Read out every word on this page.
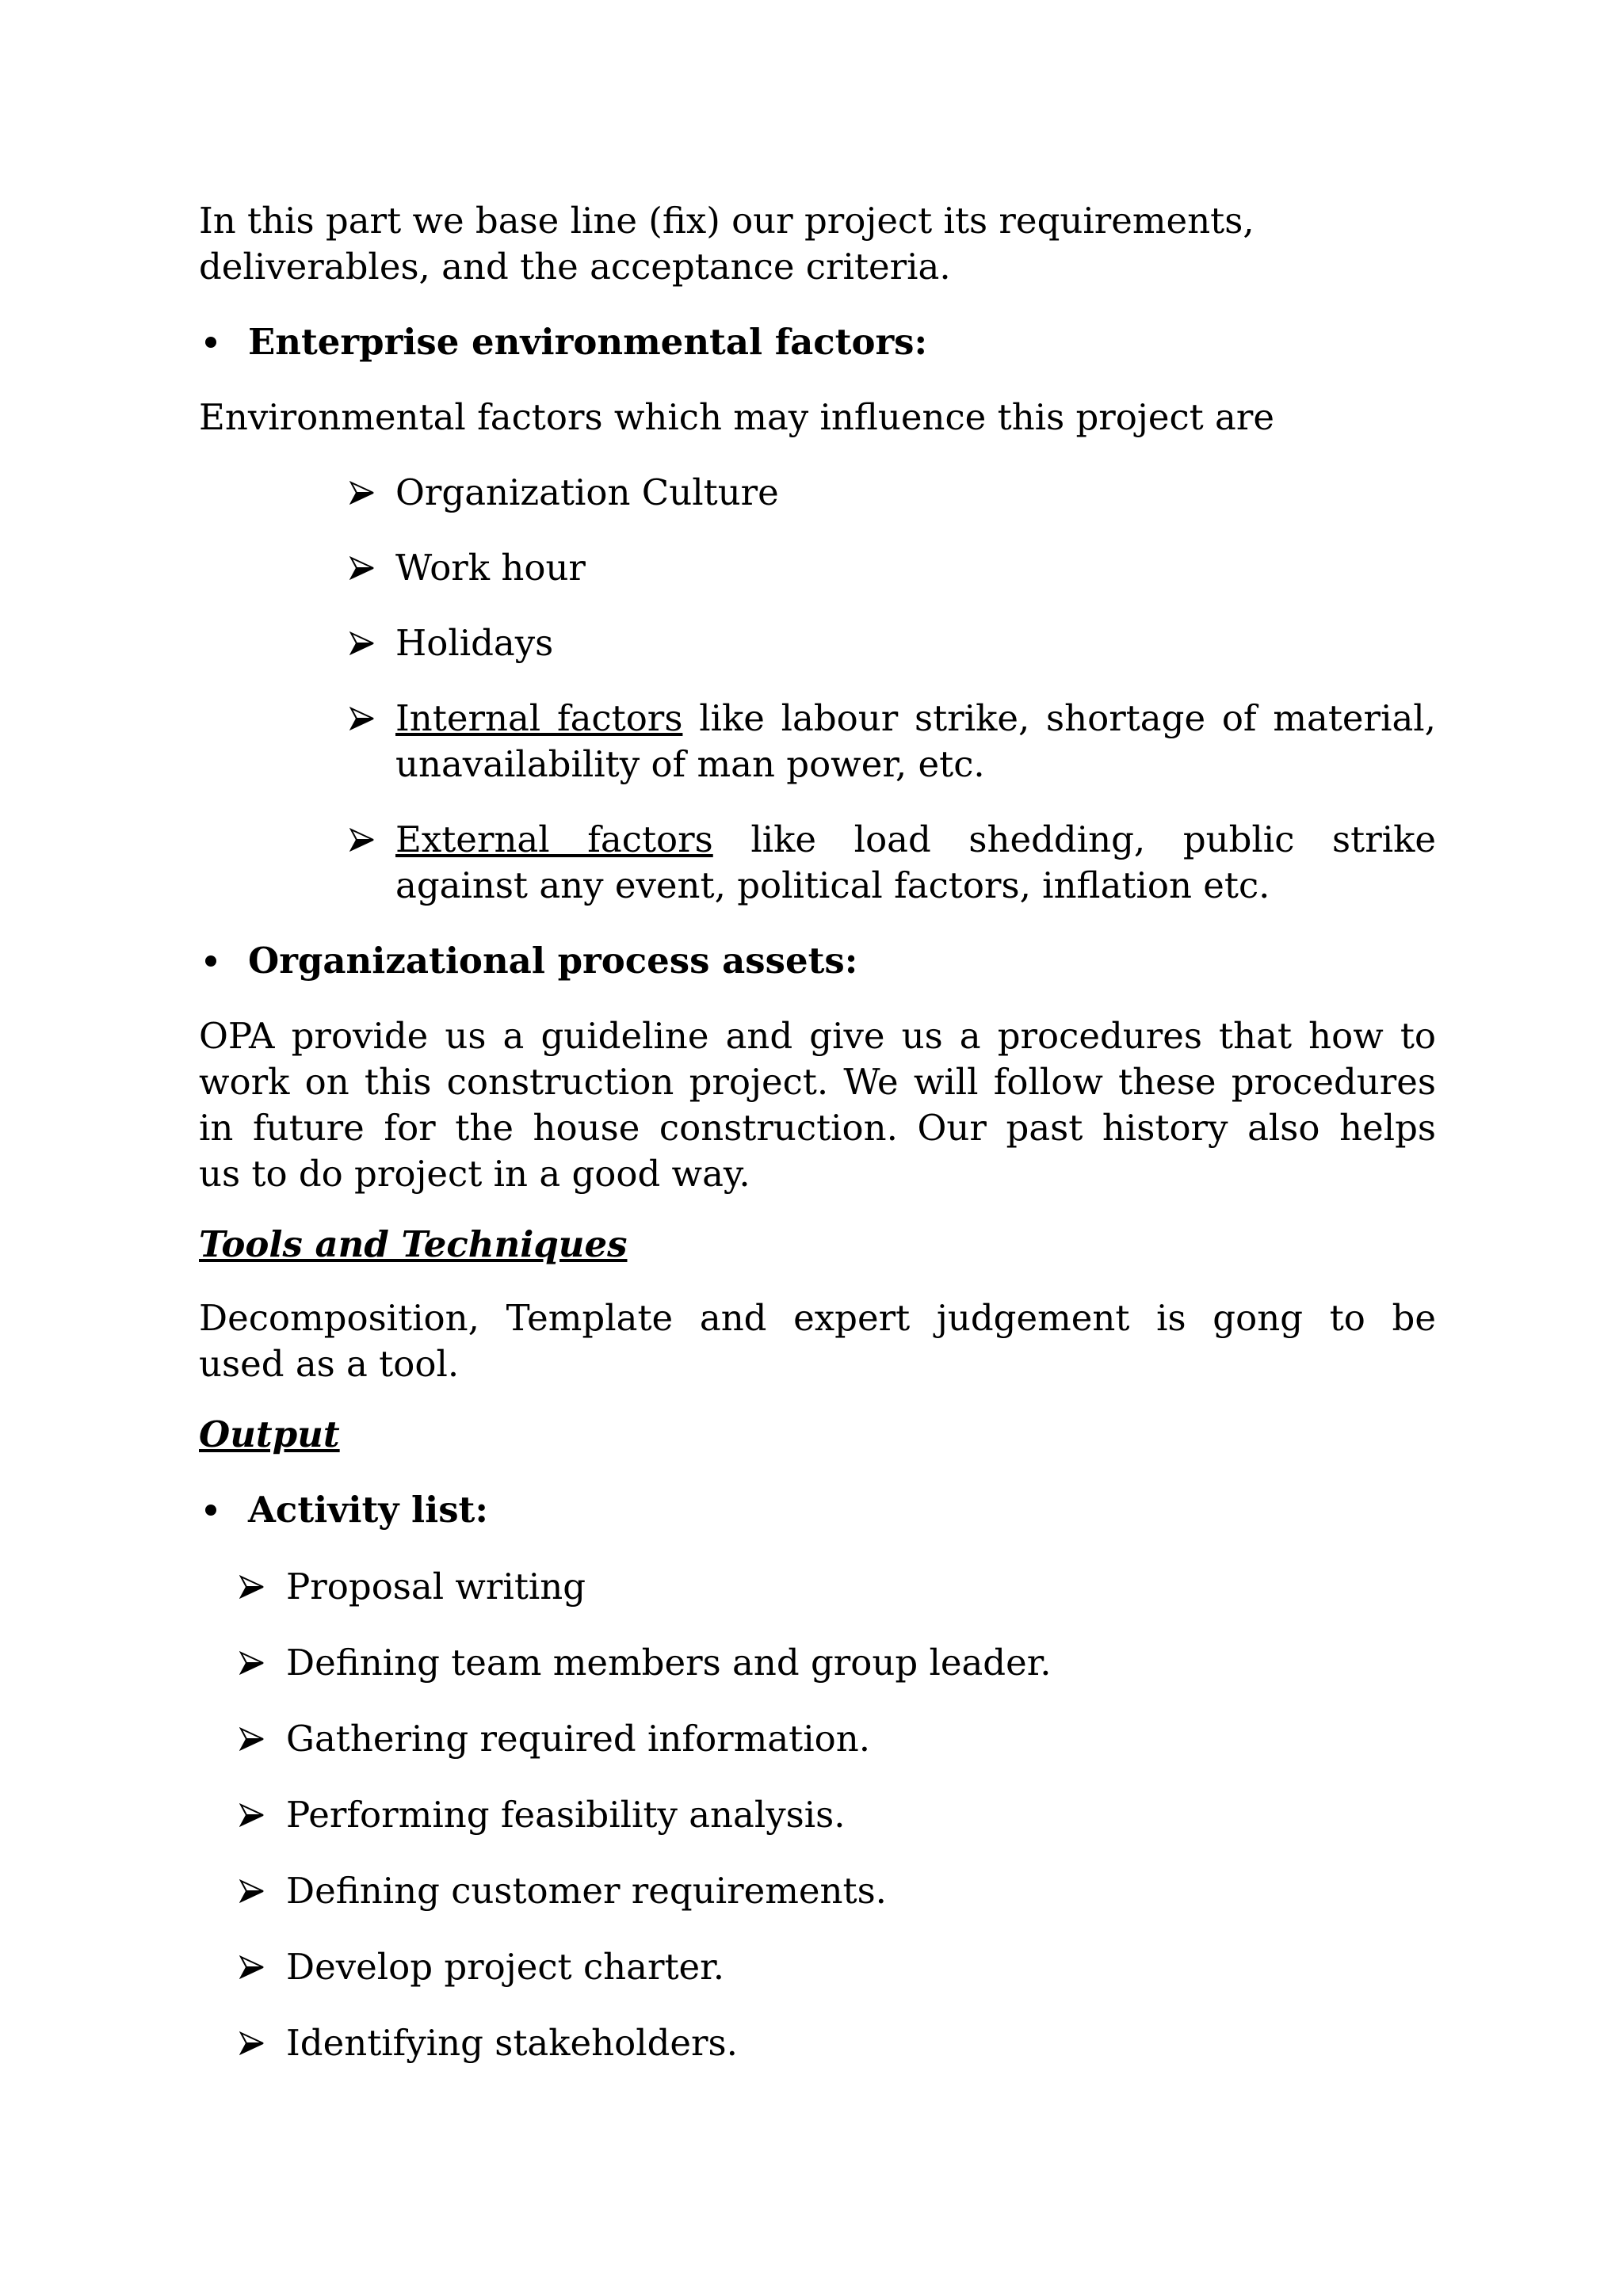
In this part we base line (fix) our project its requirements,
deliverables, and the acceptance criteria.
Enterprise environmental factors:
Environmental factors which may influence this project are
Organization Culture
Work hour
Holidays
Internal factors like labour strike, shortage of material,
unavailability of man power, etc.
External factors like load shedding, public strike
against any event, political factors, inflation etc.
Organizational process assets:
OPA provide us a guideline and give us a procedures that how to
work on this construction project. We will follow these procedures
in future for the house construction. Our past history also helps
us to do project in a good way.
Tools and Techniques
Decomposition, Template and expert judgement is gong to be
used as a tool.
Output
Activity list:
Proposal writing
Defining team members and group leader.
Gathering required information.
Performing feasibility analysis.
Defining customer requirements.
Develop project charter.
Identifying stakeholders.
